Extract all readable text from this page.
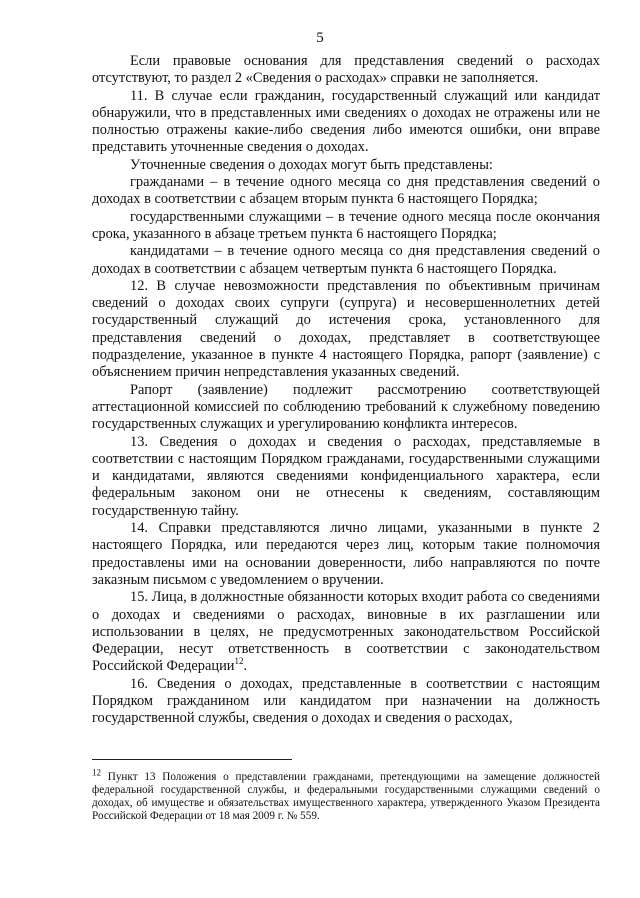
5

Если правовые основания для представления сведений о расходах отсутствуют, то раздел 2 «Сведения о расходах» справки не заполняется.

11. В случае если гражданин, государственный служащий или кандидат обнаружили, что в представленных ими сведениях о доходах не отражены или не полностью отражены какие-либо сведения либо имеются ошибки, они вправе представить уточненные сведения о доходах.

Уточненные сведения о доходах могут быть представлены:

гражданами – в течение одного месяца со дня представления сведений о доходах в соответствии с абзацем вторым пункта 6 настоящего Порядка;

государственными служащими – в течение одного месяца после окончания срока, указанного в абзаце третьем пункта 6 настоящего Порядка;

кандидатами – в течение одного месяца со дня представления сведений о доходах в соответствии с абзацем четвертым пункта 6 настоящего Порядка.

12. В случае невозможности представления по объективным причинам сведений о доходах своих супруги (супруга) и несовершеннолетних детей государственный служащий до истечения срока, установленного для представления сведений о доходах, представляет в соответствующее подразделение, указанное в пункте 4 настоящего Порядка, рапорт (заявление) с объяснением причин непредставления указанных сведений.

Рапорт (заявление) подлежит рассмотрению соответствующей аттестационной комиссией по соблюдению требований к служебному поведению государственных служащих и урегулированию конфликта интересов.

13. Сведения о доходах и сведения о расходах, представляемые в соответствии с настоящим Порядком гражданами, государственными служащими и кандидатами, являются сведениями конфиденциального характера, если федеральным законом они не отнесены к сведениям, составляющим государственную тайну.

14. Справки представляются лично лицами, указанными в пункте 2 настоящего Порядка, или передаются через лиц, которым такие полномочия предоставлены ими на основании доверенности, либо направляются по почте заказным письмом с уведомлением о вручении.

15. Лица, в должностные обязанности которых входит работа со сведениями о доходах и сведениями о расходах, виновные в их разглашении или использовании в целях, не предусмотренных законодательством Российской Федерации, несут ответственность в соответствии с законодательством Российской Федерации$^{12}$.

16. Сведения о доходах, представленные в соответствии с настоящим Порядком гражданином или кандидатом при назначении на должность государственной службы, сведения о доходах и сведения о расходах,

$^{12}$ Пункт 13 Положения о представлении гражданами, претендующими на замещение должностей федеральной государственной службы, и федеральными государственными служащими сведений о доходах, об имуществе и обязательствах имущественного характера, утвержденного Указом Президента Российской Федерации от 18 мая 2009 г. № 559.
